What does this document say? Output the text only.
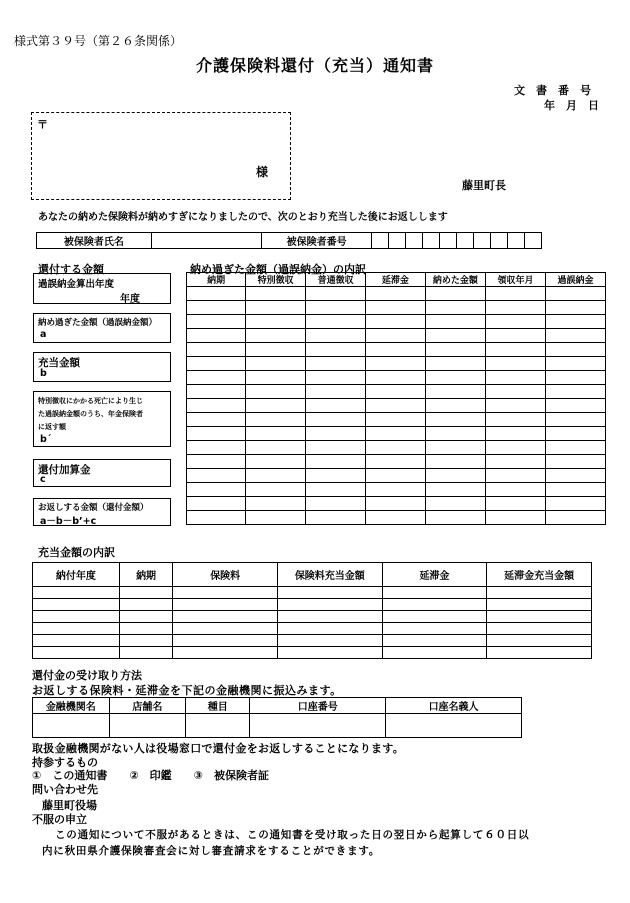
様式第３９号（第２６条関係）
介護保険料還付（充当）通知書
文　書　番　号
年　月　日
〒
様
藤里町長
あなたの納めた保険料が納めすぎになりましたので、次のとおり充当した後にお返しします
被保険者氏名		被保険者番号										
還付する金額
過誤納金算出年度
年度
納め過ぎた金額（過誤納金額）
a
充当金額
b
特別徴収にかかる死亡により生じ
た過誤納金額のうち、年金保険者
に返す額
b´
還付加算金
c
お返しする金額（還付金額）
a－b－b’+c
納め過ぎた金額（過誤納金）の内訳
納期	特別徴収	普通徴収	延滞金	納めた金額	領収年月	過誤納金

充当金額の内訳
納付年度	納期	保険料	保険料充当金額	延滞金	延滞金充当金額

還付金の受け取り方法
お返しする保険料・延滞金を下記の金融機関に振込みます。
金融機関名	店舗名	種目	口座番号	口座名義人

取扱金融機関がない人は役場窓口で還付金をお返しすることになります。
持参するもの
①　この通知書　　②　印鑑　　③　被保険者証
問い合わせ先
藤里町役場
不服の申立
この通知について不服があるときは、この通知書を受け取った日の翌日から起算して６０日以
内に秋田県介護保険審査会に対し審査請求をすることができます。
